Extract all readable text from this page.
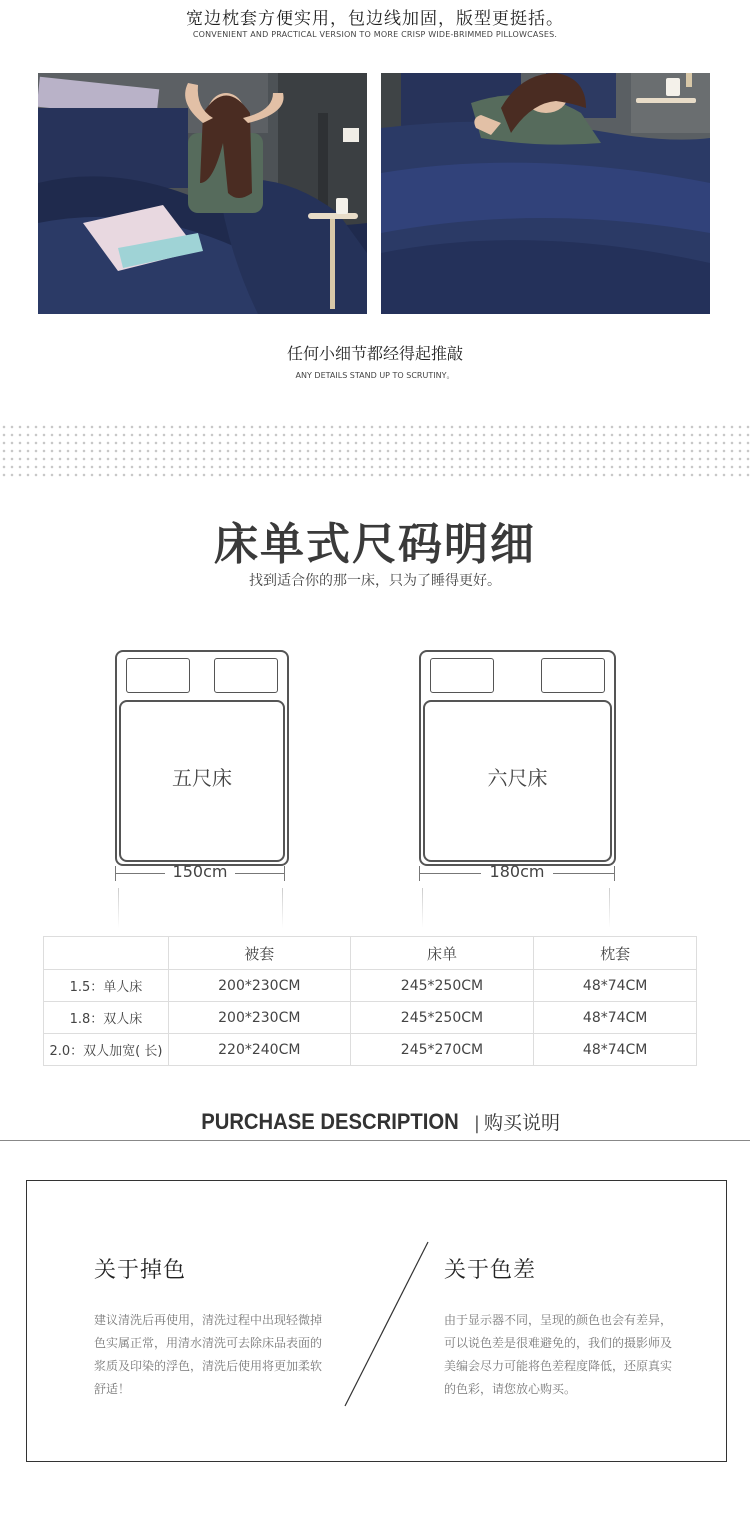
宽边枕套方便实用，包边线加固，版型更挺括。
CONVENIENT AND PRACTICAL VERSION TO MORE CRISP WIDE-BRIMMED PILLOWCASES.
任何小细节都经得起推敲
ANY DETAILS STAND UP TO SCRUTINY。
床单式尺码明细
找到适合你的那一床，只为了睡得更好。
五尺床
150cm
六尺床
180cm
	被套	床单	枕套
1.5：单人床	200*230CM	245*250CM	48*74CM
1.8：双人床	200*230CM	245*250CM	48*74CM
2.0：双人加宽( 长)	220*240CM	245*270CM	48*74CM
PURCHASE DESCRIPTION | 购买说明
关于掉色
建议清洗后再使用，清洗过程中出现轻微掉
色实属正常，用清水清洗可去除床品表面的
浆质及印染的浮色，清洗后使用将更加柔软
舒适！
关于色差
由于显示器不同，呈现的颜色也会有差异，
可以说色差是很难避免的，我们的摄影师及
美编会尽力可能将色差程度降低，还原真实
的色彩，请您放心购买。
